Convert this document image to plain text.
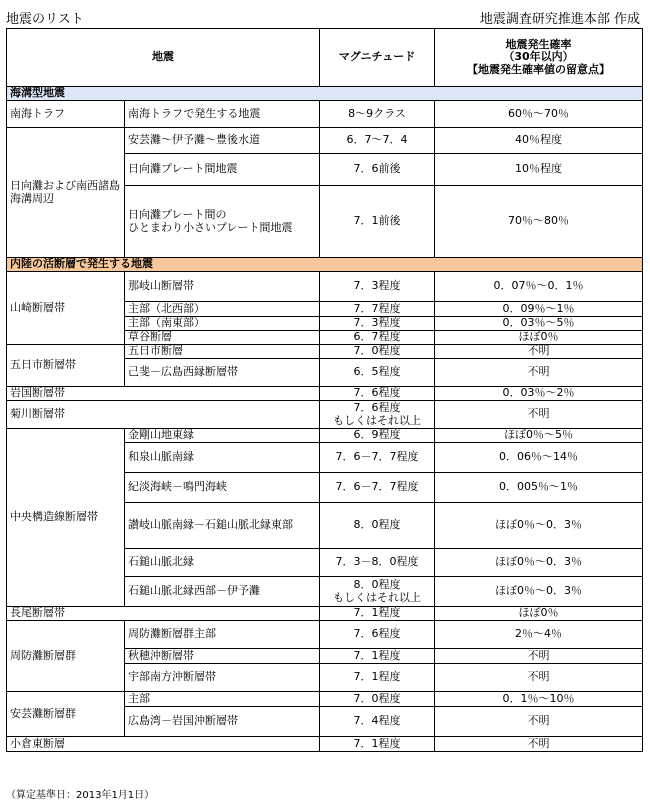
地震のリスト	地震調査研究推進本部 作成
地震		マグニチュード	地震発生確率
（30年以内）
【地震発生確率値の留意点】

海溝型地震			
南海トラフ	南海トラフで発生する地震	8～9クラス	60％～70％
日向灘および南西諸島海溝周辺	安芸灘～伊予灘～豊後水道	6．7～7．4	40％程度
	日向灘プレート間地震	7．6前後	10％程度

	日向灘プレート間の
ひとまわり小さいプレート間地震	7．1前後	70％～80％
内陸の活断層で発生する地震			
山崎断層帯	那岐山断層帯	7．3程度	0．07％～0．1％
	主部（北西部）	7．7程度	0．09％～1％
	主部（南東部）	7．3程度	0．03％～5％
	草谷断層	6．7程度	ほぼ0％
五日市断層帯	五日市断層	7．0程度	不明
	己斐－広島西縁断層帯	6．5程度	不明
岩国断層帯		7．6程度	0．03％～2％
菊川断層帯		7．6程度
もしくはそれ以上	不明
中央構造線断層帯	金剛山地東縁	6．9程度	ほぼ0％～5％
	和泉山脈南縁	7．6－7．7程度	0．06％～14％
	紀淡海峡－鳴門海峡	7．6－7．7程度	0．005％～1％
	讃岐山脈南縁－石鎚山脈北縁東部	8．0程度	ほぼ0％～0．3％
	石鎚山脈北縁	7．3－8．0程度	ほぼ0％～0．3％
	石鎚山脈北縁西部－伊予灘	8．0程度
もしくはそれ以上	ほぼ0％～0．3％
長尾断層帯		7．1程度	ほぼ0％
周防灘断層群	周防灘断層群主部	7．6程度	2％～4％
	秋穂沖断層帯	7．1程度	不明
	宇部南方沖断層帯	7．1程度	不明
安芸灘断層群	主部	7．0程度	0．1％～10％
	広島湾－岩国沖断層帯	7．4程度	不明
小倉東断層		7．1程度	不明
（算定基準日：2013年1月1日）
